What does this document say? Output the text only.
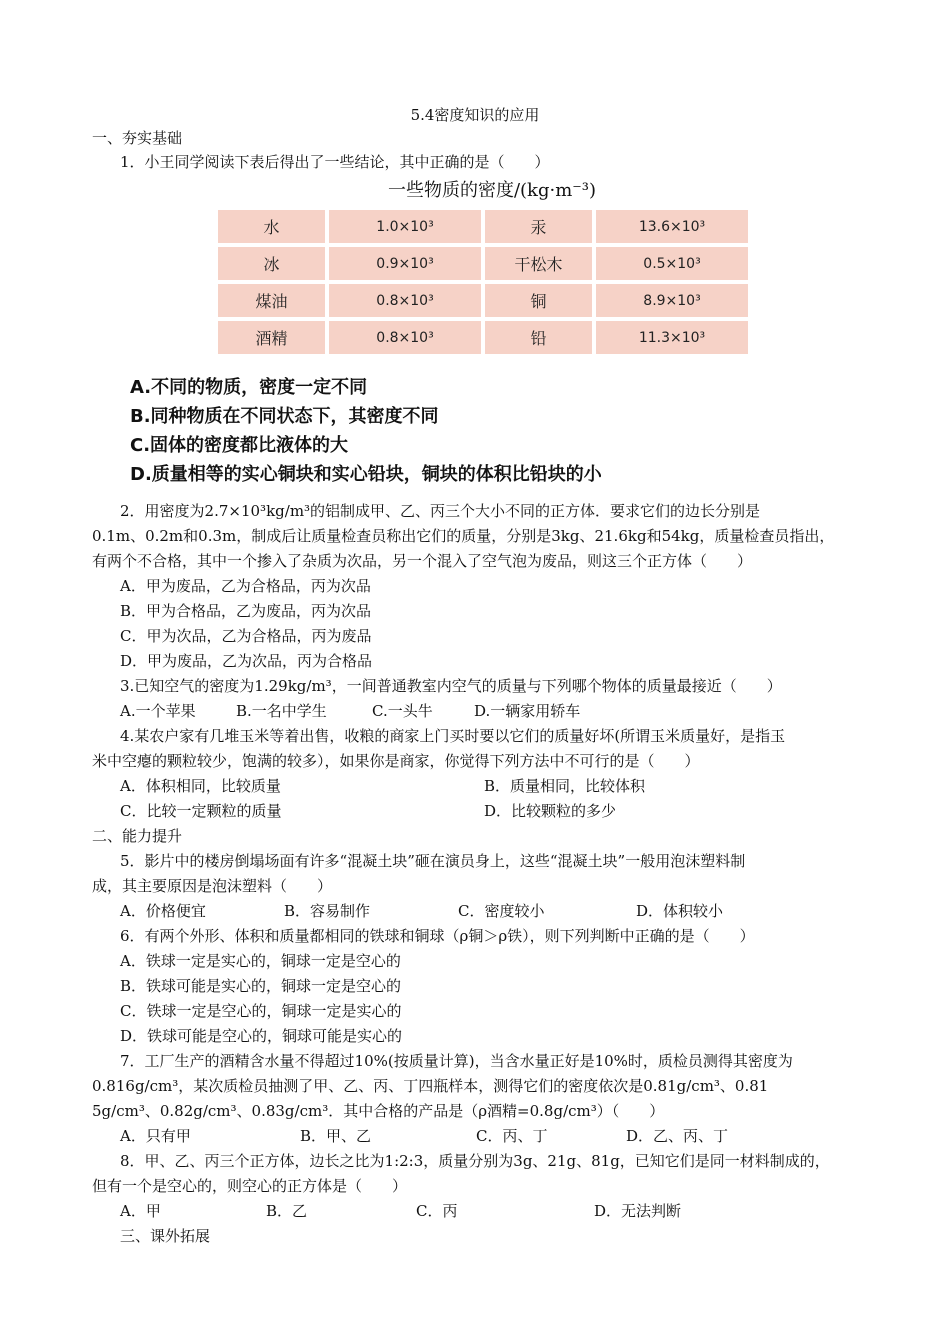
5.4密度知识的应用
一、夯实基础
1．小王同学阅读下表后得出了一些结论，其中正确的是（　　）
一些物质的密度/(kg·m⁻³)
水	1.0×10³	汞	13.6×10³
冰	0.9×10³	干松木	0.5×10³
煤油	0.8×10³	铜	8.9×10³
酒精	0.8×10³	铅	11.3×10³
A.不同的物质，密度一定不同
B.同种物质在不同状态下，其密度不同
C.固体的密度都比液体的大
D.质量相等的实心铜块和实心铅块，铜块的体积比铅块的小
2．用密度为2.7×10³kg/m³的铝制成甲、乙、丙三个大小不同的正方体．要求它们的边长分别是
0.1m、0.2m和0.3m，制成后让质量检查员称出它们的质量，分别是3kg、21.6kg和54kg，质量检查员指出，
有两个不合格，其中一个掺入了杂质为次品，另一个混入了空气泡为废品，则这三个正方体（　　）
A．甲为废品，乙为合格品，丙为次品
B．甲为合格品，乙为废品，丙为次品
C．甲为次品，乙为合格品，丙为废品
D．甲为废品，乙为次品，丙为合格品
3.已知空气的密度为1.29kg/m³，一间普通教室内空气的质量与下列哪个物体的质量最接近（　　）
A.一个苹果	B.一名中学生	C.一头牛	D.一辆家用轿车
4.某农户家有几堆玉米等着出售，收粮的商家上门买时要以它们的质量好坏(所谓玉米质量好，是指玉
米中空瘪的颗粒较少，饱满的较多），如果你是商家，你觉得下列方法中不可行的是（　　）
A．体积相同，比较质量	B．质量相同，比较体积
C．比较一定颗粒的质量	D．比较颗粒的多少
二、能力提升
5．影片中的楼房倒塌场面有许多“混凝土块”砸在演员身上，这些“混凝土块”一般用泡沫塑料制
成，其主要原因是泡沫塑料（　　）
A．价格便宜	B．容易制作	C．密度较小	D．体积较小
6．有两个外形、体积和质量都相同的铁球和铜球（ρ铜＞ρ铁），则下列判断中正确的是（　　）
A．铁球一定是实心的，铜球一定是空心的
B．铁球可能是实心的，铜球一定是空心的
C．铁球一定是空心的，铜球一定是实心的
D．铁球可能是空心的，铜球可能是实心的
7．工厂生产的酒精含水量不得超过10%(按质量计算)，当含水量正好是10%时，质检员测得其密度为
0.816g/cm³，某次质检员抽测了甲、乙、丙、丁四瓶样本，测得它们的密度依次是0.81g/cm³、0.81
5g/cm³、0.82g/cm³、0.83g/cm³．其中合格的产品是（ρ酒精=0.8g/cm³）（　　）
A．只有甲	B．甲、乙	C．丙、丁	D．乙、丙、丁
8．甲、乙、丙三个正方体，边长之比为1:2:3，质量分别为3g、21g、81g，已知它们是同一材料制成的，
但有一个是空心的，则空心的正方体是（　　）
A．甲	B．乙	C．丙	D．无法判断
三、课外拓展
